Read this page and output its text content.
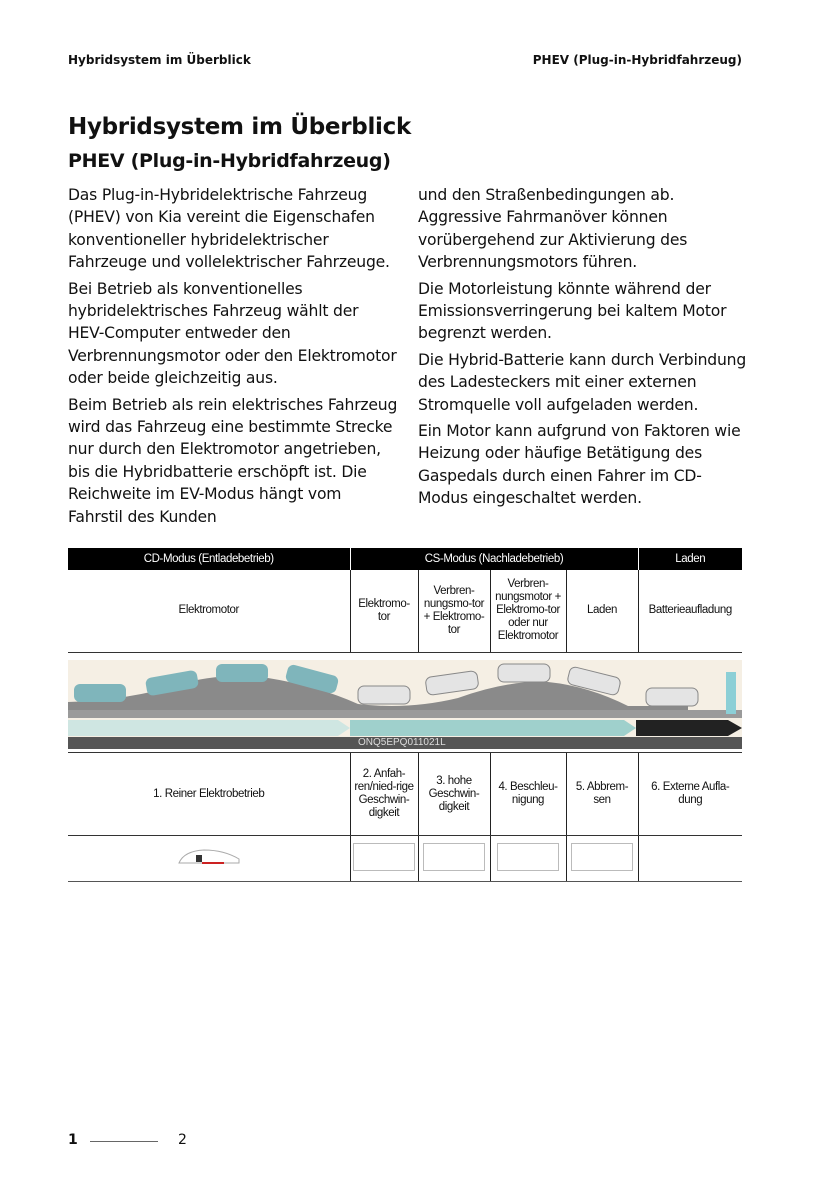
Hybridsystem im Überblick	PHEV (Plug-in-Hybridfahrzeug)
Hybridsystem im Überblick
PHEV (Plug-in-Hybridfahrzeug)

Das Plug-in-Hybridelektrische Fahrzeug (PHEV) von Kia vereint die Eigenschafen konventioneller hybridelektrischer Fahrzeuge und vollelektrischer Fahrzeuge.

Bei Betrieb als konventionelles hybridelektrisches Fahrzeug wählt der HEV-Computer entweder den Verbrennungsmotor oder den Elektromotor oder beide gleichzeitig aus.

Beim Betrieb als rein elektrisches Fahrzeug wird das Fahrzeug eine bestimmte Strecke nur durch den Elektromotor angetrieben, bis die Hybridbatterie erschöpft ist. Die Reichweite im EV-Modus hängt vom Fahrstil des Kunden

und den Straßenbedingungen ab. Aggressive Fahrmanöver können vorübergehend zur Aktivierung des Verbrennungsmotors führen.

Die Motorleistung könnte während der Emissionsverringerung bei kaltem Motor begrenzt werden.

Die Hybrid-Batterie kann durch Verbindung des Ladesteckers mit einer externen Stromquelle voll aufgeladen werden.

Ein Motor kann aufgrund von Faktoren wie Heizung oder häufige Betätigung des Gaspedals durch einen Fahrer im CD-Modus eingeschaltet werden.

CD-Modus (Entladebetrieb)	CS-Modus (Nachladebetrieb)				Laden
Elektromotor	Elektromo-tor	Verbren-nungsmo-tor + Elektromo-tor	Verbren-nungsmotor + Elektromo-tor oder nur Elektromotor	Laden	Batterieaufladung
ONQ5EPQ011021L
1. Reiner Elektrobetrieb	2. Anfah-ren/nied-rige Geschwin-digkeit	3. hohe Geschwin-digkeit	4. Beschleu-nigung	5. Abbrem-sen	6. Externe Aufla-dung

1	2
